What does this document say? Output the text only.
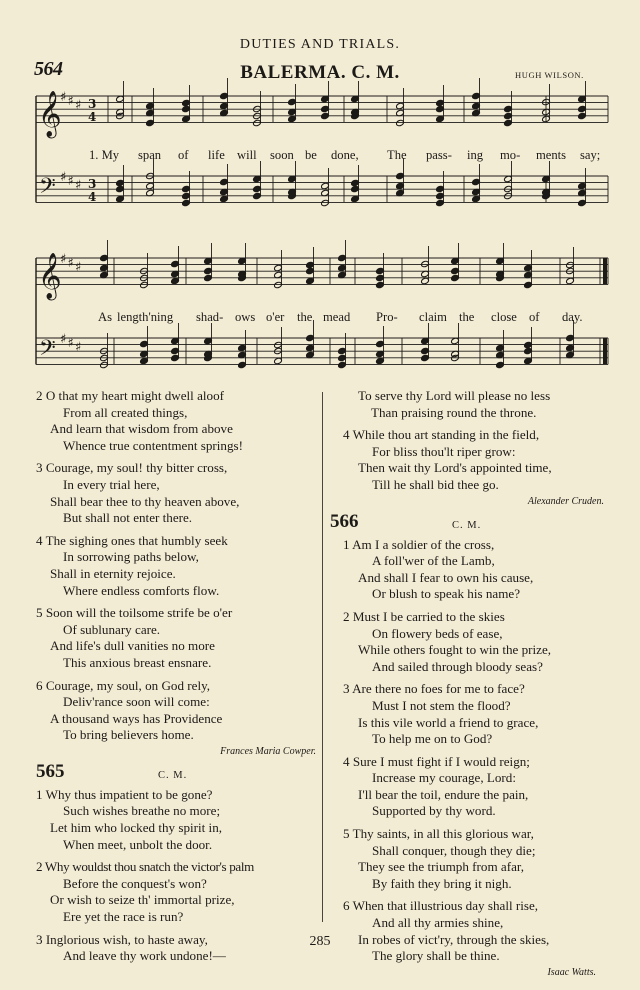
DUTIES AND TRIALS.
564	BALERMA. C. M.	HUGH WILSON.
𝄞
𝄞
𝄢
𝄢
♯ ♯ ♯
♯ ♯ ♯
♯ ♯ ♯
♯ ♯ ♯
3
4
3
4
1. My span of life will soon be done, The pass- ing mo- ments say;
As length'ning shad- ows o'er the mead Pro- claim the close of day.
2 O that my heart might dwell aloof
From all created things,
And learn that wisdom from above
Whence true contentment springs!
3 Courage, my soul! thy bitter cross,
In every trial here,
Shall bear thee to thy heaven above,
But shall not enter there.
4 The sighing ones that humbly seek
In sorrowing paths below,
Shall in eternity rejoice.
Where endless comforts flow.
5 Soon will the toilsome strife be o'er
Of sublunary care.
And life's dull vanities no more
This anxious breast ensnare.
6 Courage, my soul, on God rely,
Deliv'rance soon will come:
A thousand ways has Providence
To bring believers home.
Frances Maria Cowper.
565	C. M.
1 Why thus impatient to be gone?
Such wishes breathe no more;
Let him who locked thy spirit in,
When meet, unbolt the door.
2 Why wouldst thou snatch the victor's palm
Before the conquest's won?
Or wish to seize th' immortal prize,
Ere yet the race is run?
3 Inglorious wish, to haste away,
And leave thy work undone!—
To serve thy Lord will please no less
Than praising round the throne.
4 While thou art standing in the field,
For bliss thou'lt riper grow:
Then wait thy Lord's appointed time,
Till he shall bid thee go.
Alexander Cruden.
566	C. M.
1 Am I a soldier of the cross,
A foll'wer of the Lamb,
And shall I fear to own his cause,
Or blush to speak his name?
2 Must I be carried to the skies
On flowery beds of ease,
While others fought to win the prize,
And sailed through bloody seas?
3 Are there no foes for me to face?
Must I not stem the flood?
Is this vile world a friend to grace,
To help me on to God?
4 Sure I must fight if I would reign;
Increase my courage, Lord:
I'll bear the toil, endure the pain,
Supported by thy word.
5 Thy saints, in all this glorious war,
Shall conquer, though they die;
They see the triumph from afar,
By faith they bring it nigh.
6 When that illustrious day shall rise,
And all thy armies shine,
In robes of vict'ry, through the skies,
The glory shall be thine.
Isaac Watts.
285
